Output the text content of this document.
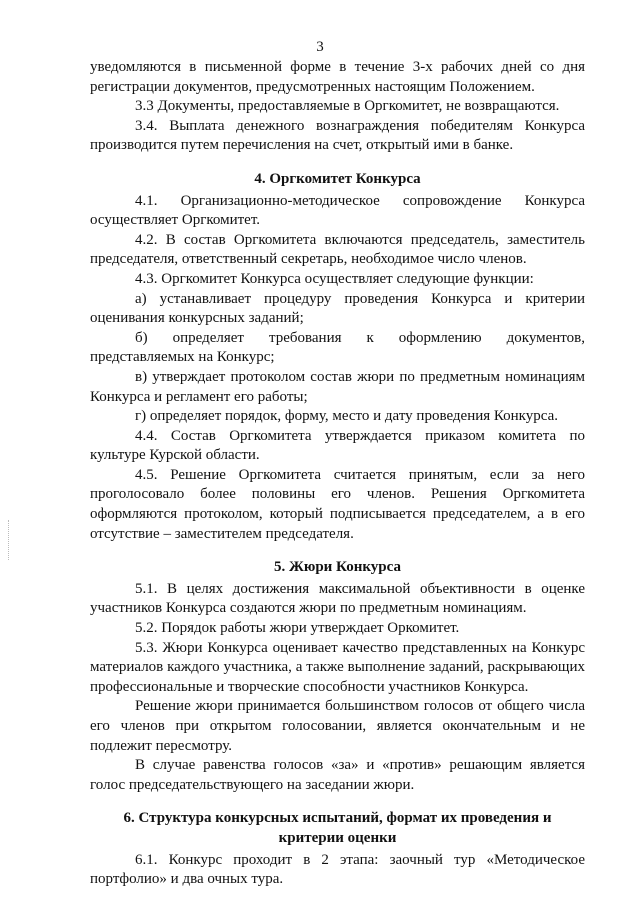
3

уведомляются в письменной форме в течение 3-х рабочих дней со дня регистрации документов, предусмотренных настоящим Положением.

3.3 Документы, предоставляемые в Оргкомитет, не возвращаются.

3.4. Выплата денежного вознаграждения победителям Конкурса производится путем перечисления на счет, открытый ими в банке.

4. Оргкомитет Конкурса

4.1. Организационно-методическое сопровождение Конкурса осуществляет Оргкомитет.

4.2. В состав Оргкомитета включаются председатель, заместитель председателя, ответственный секретарь, необходимое число членов.

4.3. Оргкомитет Конкурса осуществляет следующие функции:

а) устанавливает процедуру проведения Конкурса и критерии оценивания конкурсных заданий;

б) определяет требования к оформлению документов, представляемых на Конкурс;

в) утверждает протоколом состав жюри по предметным номинациям Конкурса и регламент его работы;

г) определяет порядок, форму, место и дату проведения Конкурса.

4.4. Состав Оргкомитета утверждается приказом комитета по культуре Курской области.

4.5. Решение Оргкомитета считается принятым, если за него проголосовало более половины его членов. Решения Оргкомитета оформляются протоколом, который подписывается председателем, а в его отсутствие – заместителем председателя.

5. Жюри Конкурса

5.1. В целях достижения максимальной объективности в оценке участников Конкурса создаются жюри по предметным номинациям.

5.2. Порядок работы жюри утверждает Оркомитет.

5.3. Жюри Конкурса оценивает качество представленных на Конкурс материалов каждого участника, а также выполнение заданий, раскрывающих профессиональные и творческие способности участников Конкурса.

Решение жюри принимается большинством голосов от общего числа его членов при открытом голосовании, является окончательным и не подлежит пересмотру.

В случае равенства голосов «за» и «против» решающим является голос председательствующего на заседании жюри.

6. Структура конкурсных испытаний, формат их проведения и критерии оценки

6.1. Конкурс проходит в 2 этапа: заочный тур «Методическое портфолио» и два очных тура.
